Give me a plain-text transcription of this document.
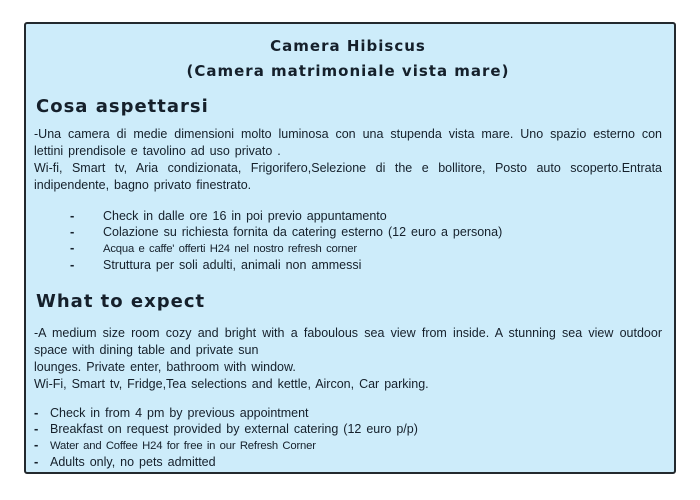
Camera Hibiscus
(Camera matrimoniale vista mare)
Cosa aspettarsi

-Una camera di medie dimensioni molto luminosa con una stupenda vista mare. Uno spazio esterno con lettini prendisole e tavolino ad uso privato .

Wi-fi, Smart tv, Aria condizionata, Frigorifero,Selezione di the e bollitore, Posto auto scoperto.Entrata indipendente, bagno privato finestrato.

-	Check in dalle ore 16 in poi previo appuntamento
-	Colazione su richiesta fornita da catering esterno (12 euro a persona)
-	Acqua e caffe' offerti H24 nel nostro refresh corner
-	Struttura per soli adulti, animali non ammessi
What to expect

-A medium size room cozy and bright with a faboulous sea view from inside. A stunning sea view outdoor space with dining table and private sun

lounges. Private enter, bathroom with window.

Wi-Fi, Smart tv, Fridge,Tea selections and kettle, Aircon, Car parking.

- Check in from 4 pm by previous appointment
- Breakfast on request provided by external catering (12 euro p/p)
-	Water and Coffee H24 for free in our Refresh Corner
- Adults only, no pets admitted
